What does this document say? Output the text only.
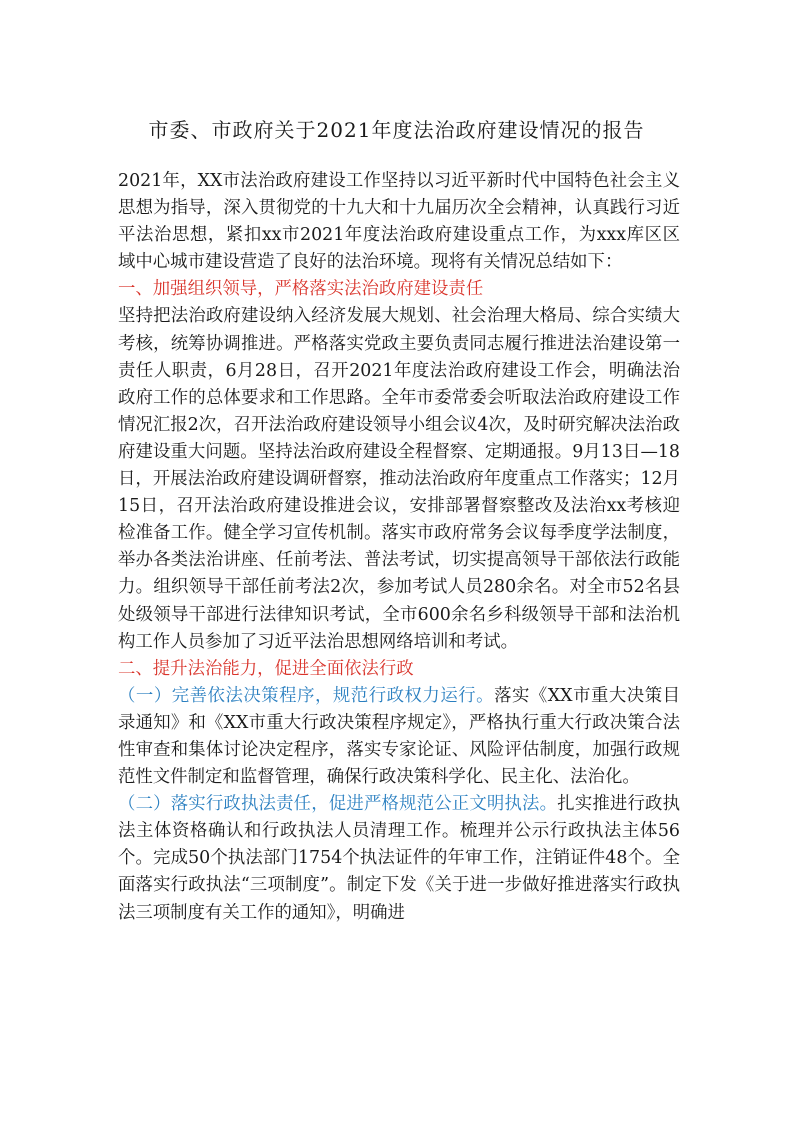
市委、市政府关于2021年度法治政府建设情况的报告

2021年，XX市法治政府建设工作坚持以习近平新时代中国特色社会主义思想为指导，深入贯彻党的十九大和十九届历次全会精神，认真践行习近平法治思想，紧扣xx市2021年度法治政府建设重点工作，为xxx库区区域中心城市建设营造了良好的法治环境。现将有关情况总结如下：

一、加强组织领导，严格落实法治政府建设责任

坚持把法治政府建设纳入经济发展大规划、社会治理大格局、综合实绩大考核，统筹协调推进。严格落实党政主要负责同志履行推进法治建设第一责任人职责，6月28日，召开2021年度法治政府建设工作会，明确法治政府工作的总体要求和工作思路。全年市委常委会听取法治政府建设工作情况汇报2次，召开法治政府建设领导小组会议4次，及时研究解决法治政府建设重大问题。坚持法治政府建设全程督察、定期通报。9月13日—18日，开展法治政府建设调研督察，推动法治政府年度重点工作落实；12月15日，召开法治政府建设推进会议，安排部署督察整改及法治xx考核迎检准备工作。健全学习宣传机制。落实市政府常务会议每季度学法制度，举办各类法治讲座、任前考法、普法考试，切实提高领导干部依法行政能力。组织领导干部任前考法2次，参加考试人员280余名。对全市52名县处级领导干部进行法律知识考试，全市600余名乡科级领导干部和法治机构工作人员参加了习近平法治思想网络培训和考试。

二、提升法治能力，促进全面依法行政

（一）完善依法决策程序，规范行政权力运行。落实《XX市重大决策目录通知》和《XX市重大行政决策程序规定》，严格执行重大行政决策合法性审查和集体讨论决定程序，落实专家论证、风险评估制度，加强行政规范性文件制定和监督管理，确保行政决策科学化、民主化、法治化。

（二）落实行政执法责任，促进严格规范公正文明执法。扎实推进行政执法主体资格确认和行政执法人员清理工作。梳理并公示行政执法主体56个。完成50个执法部门1754个执法证件的年审工作，注销证件48个。全面落实行政执法“三项制度”。制定下发《关于进一步做好推进落实行政执法三项制度有关工作的通知》，明确进
